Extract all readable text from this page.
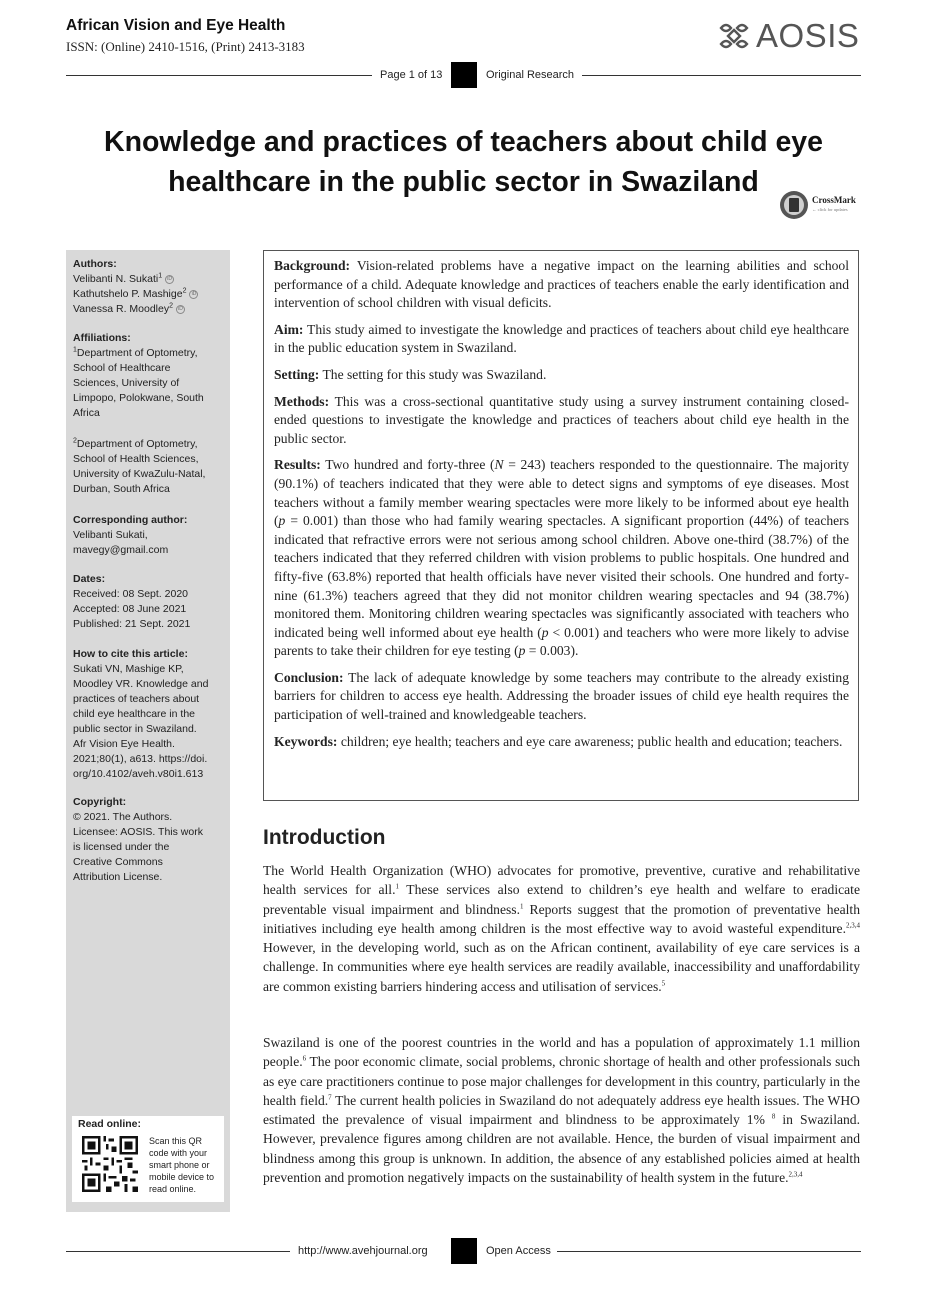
African Vision and Eye Health
ISSN: (Online) 2410-1516, (Print) 2413-3183	AOSIS
Page 1 of 13	Original Research
Knowledge and practices of teachers about child eye
healthcare in the public sector in Swaziland
CrossMark
← click for updates
Authors:
Velibanti N. Sukati$^1$ iD
Kathutshelo P. Mashige$^2$ iD
Vanessa R. Moodley$^2$ iD
Affiliations:
$^1$Department of Optometry, School of Healthcare Sciences, University of Limpopo, Polokwane, South Africa
$^2$Department of Optometry, School of Health Sciences, University of KwaZulu-Natal, Durban, South Africa
Corresponding author:
Velibanti Sukati,
mavegy@gmail.com
Dates:
Received: 08 Sept. 2020
Accepted: 08 June 2021
Published: 21 Sept. 2021
How to cite this article:
Sukati VN, Mashige KP,
Moodley VR. Knowledge and
practices of teachers about
child eye healthcare in the
public sector in Swaziland.
Afr Vision Eye Health.
2021;80(1), a613. https://doi.
org/10.4102/aveh.v80i1.613
Copyright:
© 2021. The Authors.
Licensee: AOSIS. This work
is licensed under the
Creative Commons
Attribution License.
Read online:
Scan this QR code with your smart phone or mobile device to read online.

Background: Vision-related problems have a negative impact on the learning abilities and school performance of a child. Adequate knowledge and practices of teachers enable the early identification and intervention of school children with visual deficits.

Aim: This study aimed to investigate the knowledge and practices of teachers about child eye healthcare in the public education system in Swaziland.

Setting: The setting for this study was Swaziland.

Methods: This was a cross-sectional quantitative study using a survey instrument containing closed-ended questions to investigate the knowledge and practices of teachers about child eye health in the public sector.

Results: Two hundred and forty-three (N = 243) teachers responded to the questionnaire. The majority (90.1%) of teachers indicated that they were able to detect signs and symptoms of eye diseases. Most teachers without a family member wearing spectacles were more likely to be informed about eye health (p = 0.001) than those who had family wearing spectacles. A significant proportion (44%) of teachers indicated that refractive errors were not serious among school children. Above one-third (38.7%) of the teachers indicated that they referred children with vision problems to public hospitals. One hundred and fifty-five (63.8%) reported that health officials have never visited their schools. One hundred and forty-nine (61.3%) teachers agreed that they did not monitor children wearing spectacles and 94 (38.7%) monitored them. Monitoring children wearing spectacles was significantly associated with teachers who indicated being well informed about eye health (p < 0.001) and teachers who were more likely to advise parents to take their children for eye testing (p = 0.003).

Conclusion: The lack of adequate knowledge by some teachers may contribute to the already existing barriers for children to access eye health. Addressing the broader issues of child eye health requires the participation of well-trained and knowledgeable teachers.

Keywords: children; eye health; teachers and eye care awareness; public health and education; teachers.

Introduction

The World Health Organization (WHO) advocates for promotive, preventive, curative and rehabilitative health services for all.$^1$ These services also extend to children’s eye health and welfare to eradicate preventable visual impairment and blindness.$^1$ Reports suggest that the promotion of preventative health initiatives including eye health among children is the most effective way to avoid wasteful expenditure.$^{2,3,4}$ However, in the developing world, such as on the African continent, availability of eye care services is a challenge. In communities where eye health services are readily available, inaccessibility and unaffordability are common existing barriers hindering access and utilisation of services.$^5$

Swaziland is one of the poorest countries in the world and has a population of approximately 1.1 million people.$^6$ The poor economic climate, social problems, chronic shortage of health and other professionals such as eye care practitioners continue to pose major challenges for development in this country, particularly in the health field.$^7$ The current health policies in Swaziland do not adequately address eye health issues. The WHO estimated the prevalence of visual impairment and blindness to be approximately 1% $^8$ in Swaziland. However, prevalence figures among children are not available. Hence, the burden of visual impairment and blindness among this group is unknown. In addition, the absence of any established policies aimed at health prevention and promotion negatively impacts on the sustainability of health system in the future.$^{2,3,4}$

http://www.avehjournal.org	Open Access
